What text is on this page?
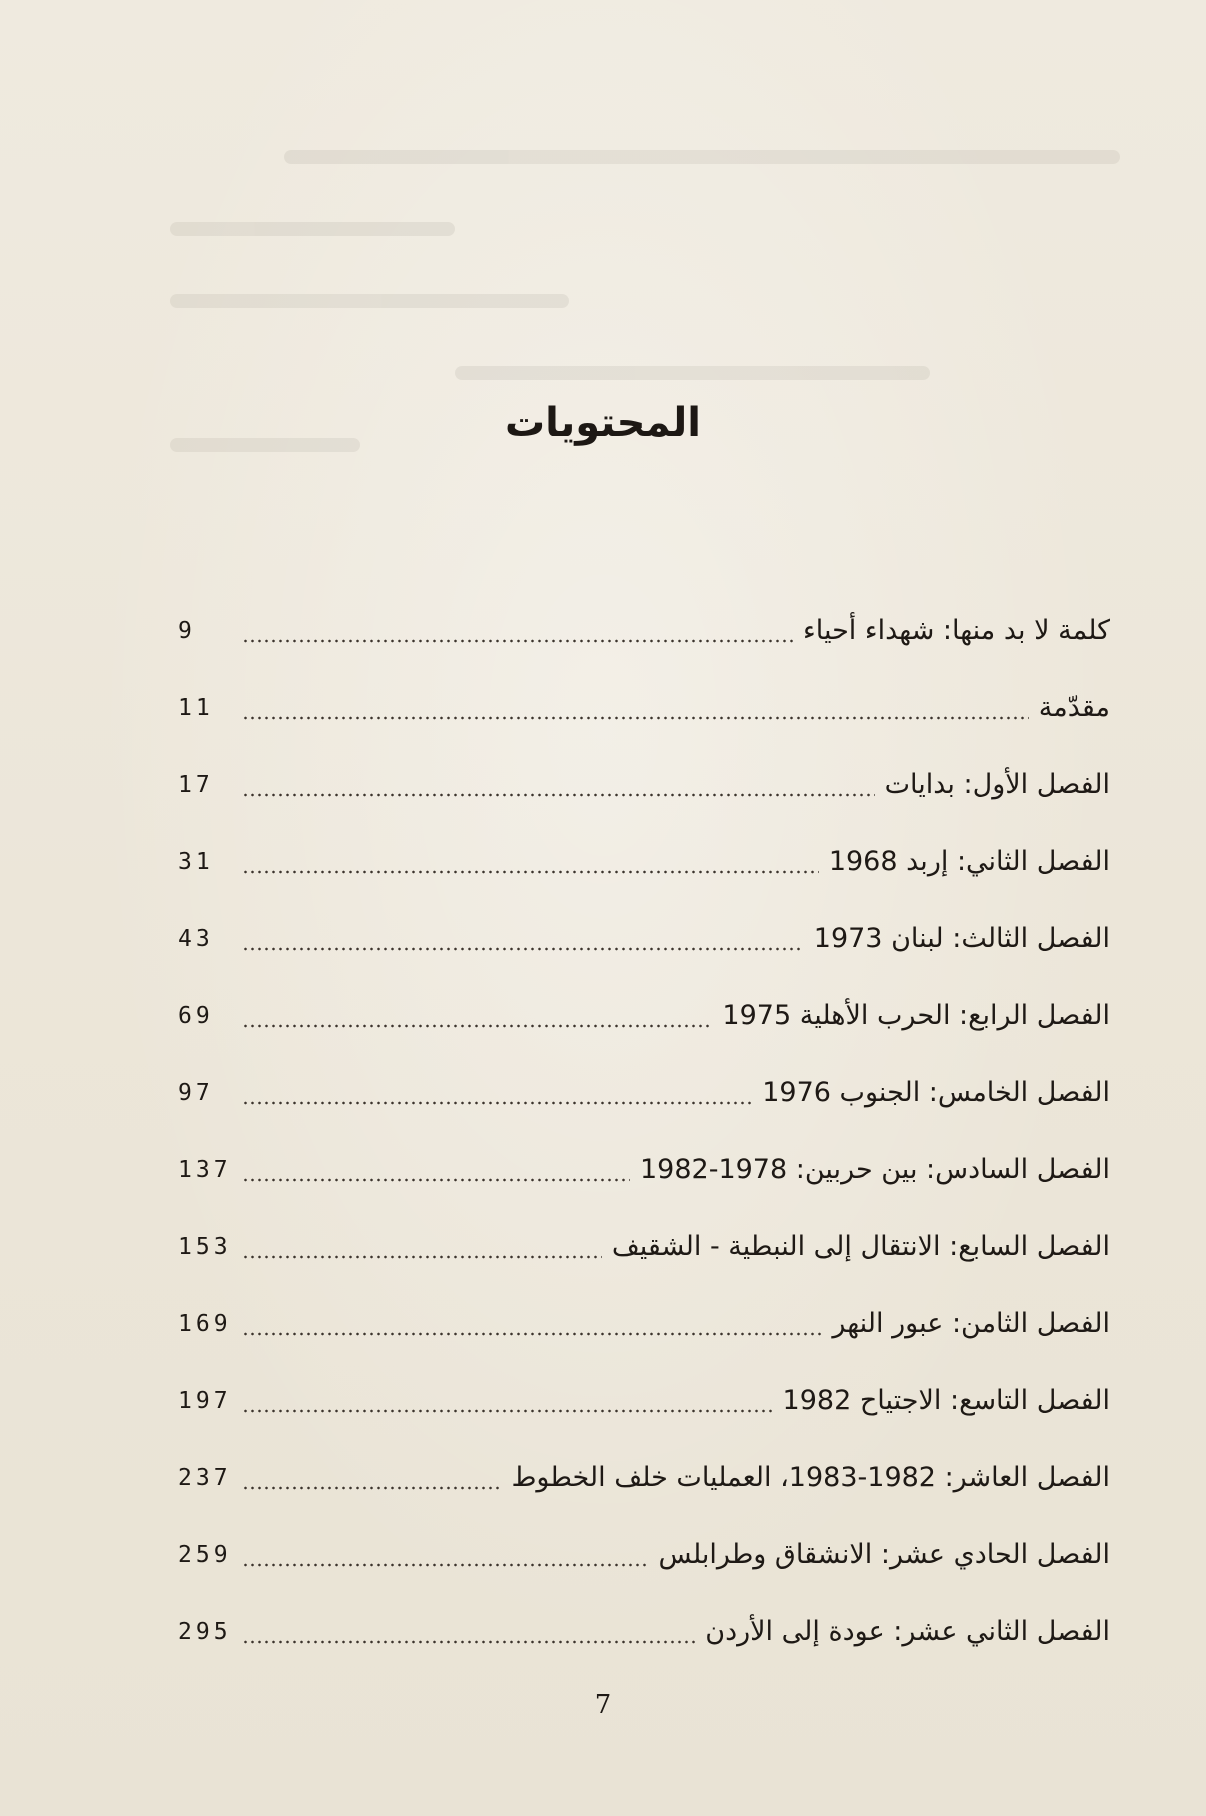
المحتويات
كلمة لا بد منها: شهداء أحياء
9
مقدّمة
11
الفصل الأول: بدايات
17
الفصل الثاني: إربد 1968
31
الفصل الثالث: لبنان 1973
43
الفصل الرابع: الحرب الأهلية 1975
69
الفصل الخامس: الجنوب 1976
97
الفصل السادس: بين حربين: 1978-1982
137
الفصل السابع: الانتقال إلى النبطية - الشقيف
153
الفصل الثامن: عبور النهر
169
الفصل التاسع: الاجتياح 1982
197
الفصل العاشر: 1982-1983، العمليات خلف الخطوط
237
الفصل الحادي عشر: الانشقاق وطرابلس
259
الفصل الثاني عشر: عودة إلى الأردن
295
7
